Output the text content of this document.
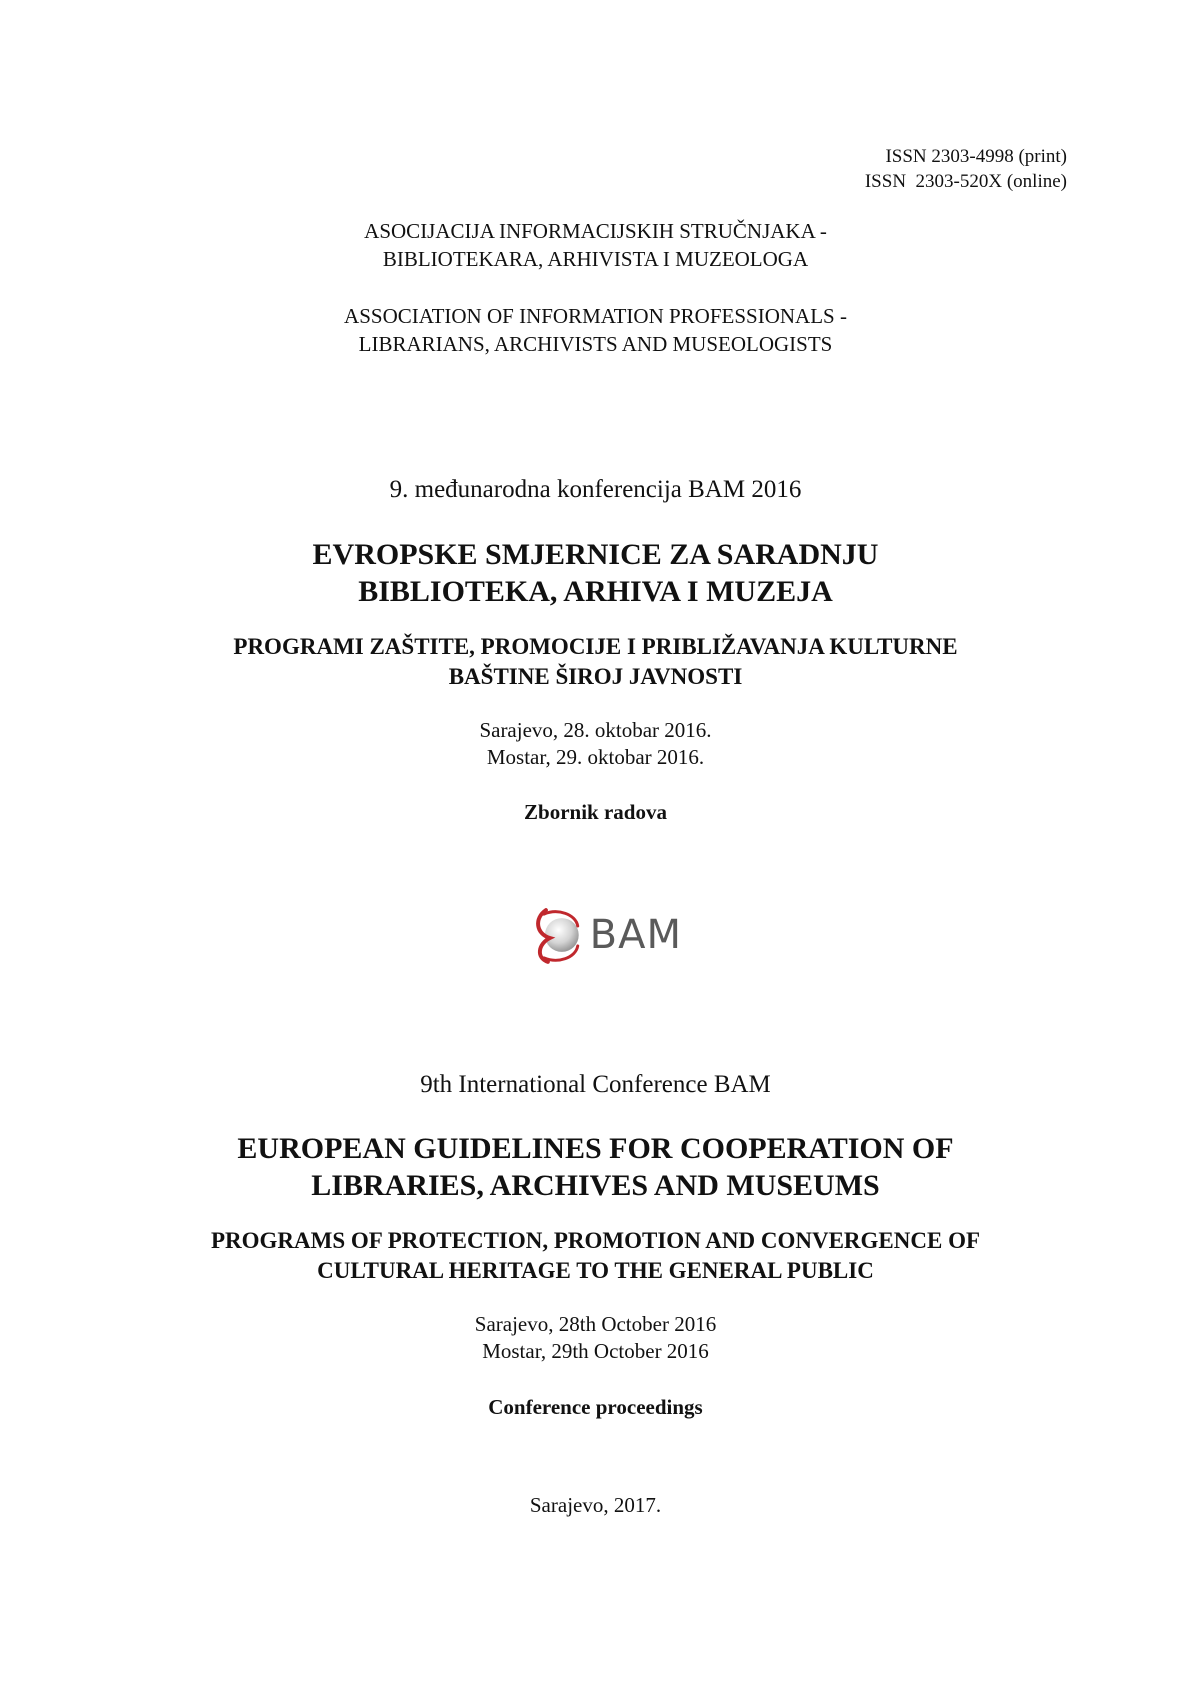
ISSN 2303-4998 (print)
ISSN  2303-520X (online)
ASOCIJACIJA INFORMACIJSKIH STRUČNJAKA -
BIBLIOTEKARA, ARHIVISTA I MUZEOLOGA
ASSOCIATION OF INFORMATION PROFESSIONALS -
LIBRARIANS, ARCHIVISTS AND MUSEOLOGISTS
9. međunarodna konferencija BAM 2016
EVROPSKE SMJERNICE ZA SARADNJU
BIBLIOTEKA, ARHIVA I MUZEJA
PROGRAMI ZAŠTITE, PROMOCIJE I PRIBLIŽAVANJA KULTURNE
BAŠTINE ŠIROJ JAVNOSTI
Sarajevo, 28. oktobar 2016.
Mostar, 29. oktobar 2016.
Zbornik radova
BAM
9th International Conference BAM
EUROPEAN GUIDELINES FOR COOPERATION OF
LIBRARIES, ARCHIVES AND MUSEUMS
PROGRAMS OF PROTECTION, PROMOTION AND CONVERGENCE OF
CULTURAL HERITAGE TO THE GENERAL PUBLIC
Sarajevo, 28th October 2016
Mostar, 29th October 2016
Conference proceedings
Sarajevo, 2017.
